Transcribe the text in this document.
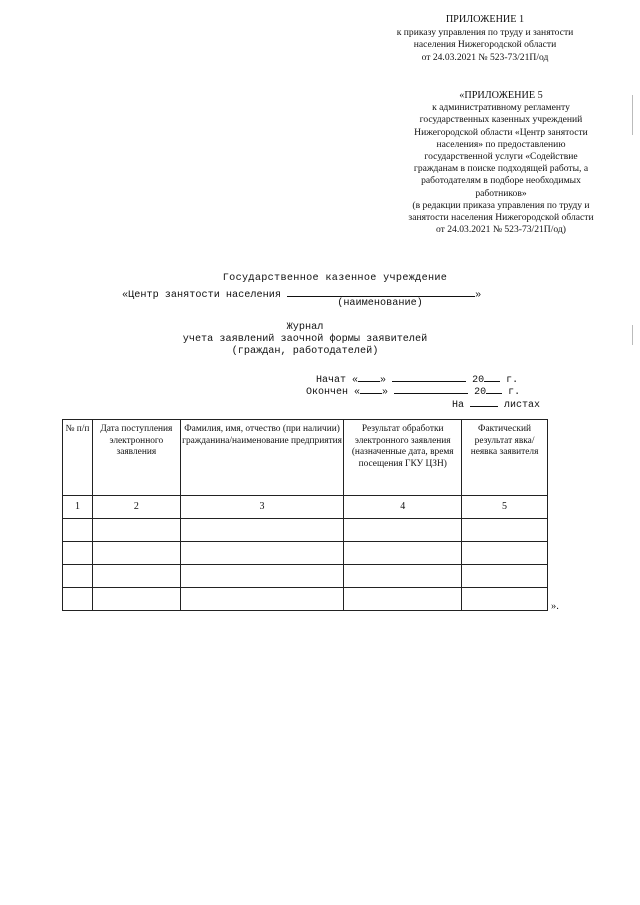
ПРИЛОЖЕНИЕ 1
к приказу управления по труду и занятости
населения Нижегородской области
от 24.03.2021 № 523-73/21П/од
«ПРИЛОЖЕНИЕ 5
к административному регламенту
государственных казенных учреждений
Нижегородской области «Центр занятости
населения» по предоставлению
государственной услуги «Содействие
гражданам в поиске подходящей работы, а
работодателям в подборе необходимых
работников»
(в редакции приказа управления по труду и
занятости населения Нижегородской области
от 24.03.2021 № 523-73/21П/од)
Государственное казенное учреждение
«Центр занятости населения	»
(наименование)
Журнал
учета заявлений заочной формы заявителей
(граждан, работодателей)
Начат « »	20 г.
Окончен « »	20 г.
На	листах
№ п/п	Дата поступления электронного заявления	Фамилия, имя, отчество (при наличии) гражданина/наименование предприятия	Результат обработки электронного заявления (назначенные дата, время посещения ГКУ ЦЗН)	Фактический результат явка/неявка заявителя
1	2	3	4	5

».
